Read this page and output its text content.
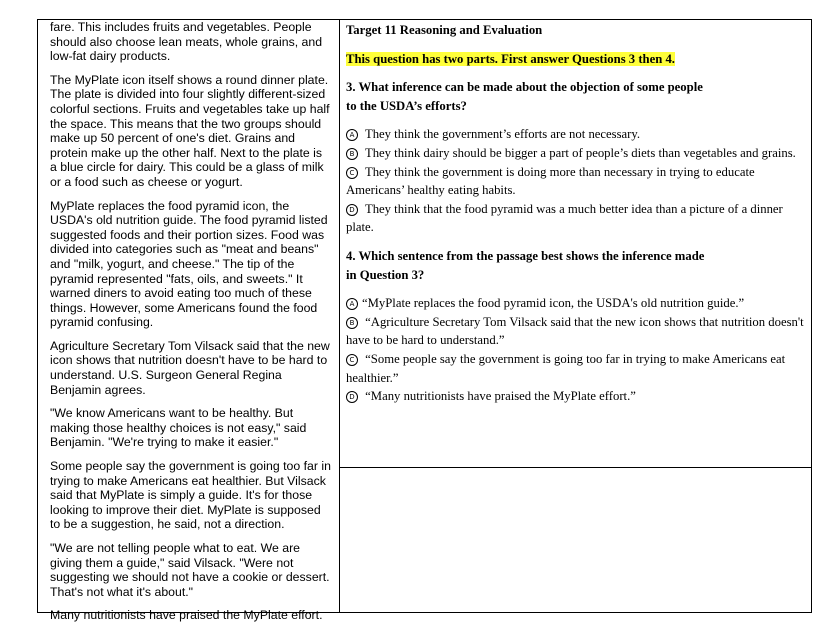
fare. This includes fruits and vegetables. People should also choose lean meats, whole grains, and low-fat dairy products.

The MyPlate icon itself shows a round dinner plate. The plate is divided into four slightly different-sized colorful sections. Fruits and vegetables take up half the space. This means that the two groups should make up 50 percent of one's diet. Grains and protein make up the other half. Next to the plate is a blue circle for dairy. This could be a glass of milk or a food such as cheese or yogurt.

MyPlate replaces the food pyramid icon, the USDA's old nutrition guide. The food pyramid listed suggested foods and their portion sizes. Food was divided into categories such as "meat and beans" and "milk, yogurt, and cheese." The tip of the pyramid represented "fats, oils, and sweets." It warned diners to avoid eating too much of these things. However, some Americans found the food pyramid confusing.

Agriculture Secretary Tom Vilsack said that the new icon shows that nutrition doesn't have to be hard to understand. U.S. Surgeon General Regina Benjamin agrees.

"We know Americans want to be healthy. But making those healthy choices is not easy," said Benjamin. "We're trying to make it easier."

Some people say the government is going too far in trying to make Americans eat healthier. But Vilsack said that MyPlate is simply a guide. It's for those looking to improve their diet. MyPlate is supposed to be a suggestion, he said, not a direction.

"We are not telling people what to eat. We are giving them a guide," said Vilsack. "Were not suggesting we should not have a cookie or dessert. That's not what it's about."

Many nutritionists have praised the MyPlate effort.

Target 11 Reasoning and Evaluation
This question has two parts. First answer Questions 3 then 4.
3. What inference can be made about the objection of some people
to the USDA’s efforts?
A They think the government’s efforts are not necessary.
B They think dairy should be bigger a part of people’s diets than vegetables and grains.
C They think the government is doing more than necessary in trying to educate Americans’ healthy eating habits.
D They think that the food pyramid was a much better idea than a picture of a dinner plate.
4. Which sentence from the passage best shows the inference made
in Question 3?
A “MyPlate replaces the food pyramid icon, the USDA's old nutrition guide.”
B “Agriculture Secretary Tom Vilsack said that the new icon shows that nutrition doesn't have to be hard to understand.”
C “Some people say the government is going too far in trying to make Americans eat healthier.”
D “Many nutritionists have praised the MyPlate effort.”
